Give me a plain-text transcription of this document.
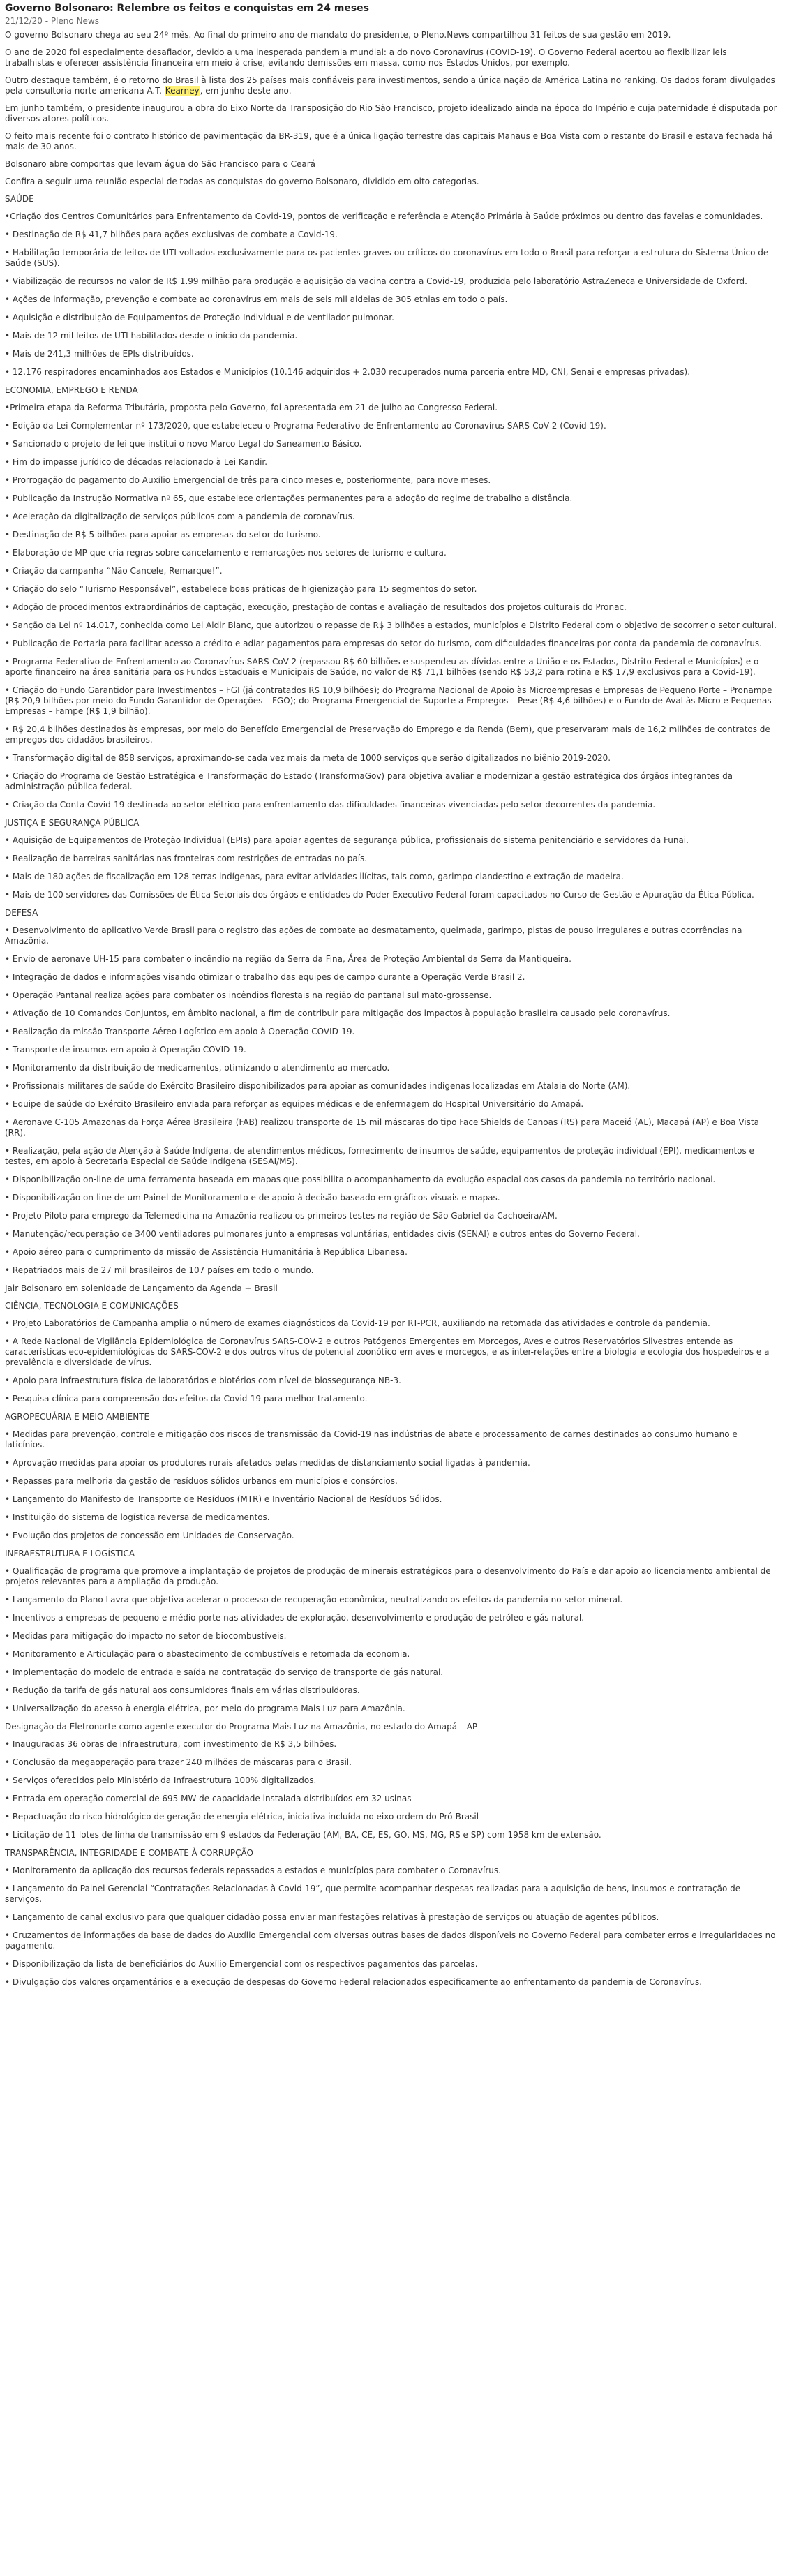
Governo Bolsonaro: Relembre os feitos e conquistas em 24 meses
21/12/20 - Pleno News

O governo Bolsonaro chega ao seu 24º mês. Ao final do primeiro ano de mandato do presidente, o Pleno.News compartilhou 31 feitos de sua gestão em 2019.

O ano de 2020 foi especialmente desafiador, devido a uma inesperada pandemia mundial: a do novo Coronavírus (COVID-19). O Governo Federal acertou ao flexibilizar leis trabalhistas e oferecer assistência financeira em meio à crise, evitando demissões em massa, como nos Estados Unidos, por exemplo.

Outro destaque também, é o retorno do Brasil à lista dos 25 países mais confiáveis para investimentos, sendo a única nação da América Latina no ranking. Os dados foram divulgados pela consultoria norte-americana A.T. Kearney, em junho deste ano.

Em junho também, o presidente inaugurou a obra do Eixo Norte da Transposição do Rio São Francisco, projeto idealizado ainda na época do Império e cuja paternidade é disputada por diversos atores políticos.

O feito mais recente foi o contrato histórico de pavimentação da BR-319, que é a única ligação terrestre das capitais Manaus e Boa Vista com o restante do Brasil e estava fechada há mais de 30 anos.

Bolsonaro abre comportas que levam água do São Francisco para o Ceará

Confira a seguir uma reunião especial de todas as conquistas do governo Bolsonaro, dividido em oito categorias.

SAÚDE

•Criação dos Centros Comunitários para Enfrentamento da Covid-19, pontos de verificação e referência e Atenção Primária à Saúde próximos ou dentro das favelas e comunidades.

• Destinação de R$ 41,7 bilhões para ações exclusivas de combate a Covid-19.

• Habilitação temporária de leitos de UTI voltados exclusivamente para os pacientes graves ou críticos do coronavírus em todo o Brasil para reforçar a estrutura do Sistema Único de Saúde (SUS).

• Viabilização de recursos no valor de R$ 1.99 milhão para produção e aquisição da vacina contra a Covid-19, produzida pelo laboratório AstraZeneca e Universidade de Oxford.

• Ações de informação, prevenção e combate ao coronavírus em mais de seis mil aldeias de 305 etnias em todo o país.

• Aquisição e distribuição de Equipamentos de Proteção Individual e de ventilador pulmonar.

• Mais de 12 mil leitos de UTI habilitados desde o início da pandemia.

• Mais de 241,3 milhões de EPIs distribuídos.

• 12.176 respiradores encaminhados aos Estados e Municípios (10.146 adquiridos + 2.030 recuperados numa parceria entre MD, CNI, Senai e empresas privadas).

ECONOMIA, EMPREGO E RENDA

•Primeira etapa da Reforma Tributária, proposta pelo Governo, foi apresentada em 21 de julho ao Congresso Federal.

• Edição da Lei Complementar nº 173/2020, que estabeleceu o Programa Federativo de Enfrentamento ao Coronavírus SARS-CoV-2 (Covid-19).

• Sancionado o projeto de lei que institui o novo Marco Legal do Saneamento Básico.

• Fim do impasse jurídico de décadas relacionado à Lei Kandir.

• Prorrogação do pagamento do Auxílio Emergencial de três para cinco meses e, posteriormente, para nove meses.

• Publicação da Instrução Normativa nº 65, que estabelece orientações permanentes para a adoção do regime de trabalho a distância.

• Aceleração da digitalização de serviços públicos com a pandemia de coronavírus.

• Destinação de R$ 5 bilhões para apoiar as empresas do setor do turismo.

• Elaboração de MP que cria regras sobre cancelamento e remarcações nos setores de turismo e cultura.

• Criação da campanha “Não Cancele, Remarque!”.

• Criação do selo “Turismo Responsável”, estabelece boas práticas de higienização para 15 segmentos do setor.

• Adoção de procedimentos extraordinários de captação, execução, prestação de contas e avaliação de resultados dos projetos culturais do Pronac.

• Sanção da Lei nº 14.017, conhecida como Lei Aldir Blanc, que autorizou o repasse de R$ 3 bilhões a estados, municípios e Distrito Federal com o objetivo de socorrer o setor cultural.

• Publicação de Portaria para facilitar acesso a crédito e adiar pagamentos para empresas do setor do turismo, com dificuldades financeiras por conta da pandemia de coronavírus.

• Programa Federativo de Enfrentamento ao Coronavírus SARS-CoV-2 (repassou R$ 60 bilhões e suspendeu as dívidas entre a União e os Estados, Distrito Federal e Municípios) e o aporte financeiro na área sanitária para os Fundos Estaduais e Municipais de Saúde, no valor de R$ 71,1 bilhões (sendo R$ 53,2 para rotina e R$ 17,9 exclusivos para a Covid-19).

• Criação do Fundo Garantidor para Investimentos – FGI (já contratados R$ 10,9 bilhões); do Programa Nacional de Apoio às Microempresas e Empresas de Pequeno Porte – Pronampe (R$ 20,9 bilhões por meio do Fundo Garantidor de Operações – FGO); do Programa Emergencial de Suporte a Empregos – Pese (R$ 4,6 bilhões) e o Fundo de Aval às Micro e Pequenas Empresas – Fampe (R$ 1,9 bilhão).

• R$ 20,4 bilhões destinados às empresas, por meio do Benefício Emergencial de Preservação do Emprego e da Renda (Bem), que preservaram mais de 16,2 milhões de contratos de empregos dos cidadãos brasileiros.

• Transformação digital de 858 serviços, aproximando-se cada vez mais da meta de 1000 serviços que serão digitalizados no biênio 2019-2020.

• Criação do Programa de Gestão Estratégica e Transformação do Estado (TransformaGov) para objetiva avaliar e modernizar a gestão estratégica dos órgãos integrantes da administração pública federal.

• Criação da Conta Covid-19 destinada ao setor elétrico para enfrentamento das dificuldades financeiras vivenciadas pelo setor decorrentes da pandemia.

JUSTIÇA E SEGURANÇA PÚBLICA

• Aquisição de Equipamentos de Proteção Individual (EPIs) para apoiar agentes de segurança pública, profissionais do sistema penitenciário e servidores da Funai.

• Realização de barreiras sanitárias nas fronteiras com restrições de entradas no país.

• Mais de 180 ações de fiscalização em 128 terras indígenas, para evitar atividades ilícitas, tais como, garimpo clandestino e extração de madeira.

• Mais de 100 servidores das Comissões de Ética Setoriais dos órgãos e entidades do Poder Executivo Federal foram capacitados no Curso de Gestão e Apuração da Ética Pública.

DEFESA

• Desenvolvimento do aplicativo Verde Brasil para o registro das ações de combate ao desmatamento, queimada, garimpo, pistas de pouso irregulares e outras ocorrências na Amazônia.

• Envio de aeronave UH-15 para combater o incêndio na região da Serra da Fina, Área de Proteção Ambiental da Serra da Mantiqueira.

• Integração de dados e informações visando otimizar o trabalho das equipes de campo durante a Operação Verde Brasil 2.

• Operação Pantanal realiza ações para combater os incêndios florestais na região do pantanal sul mato-grossense.

• Ativação de 10 Comandos Conjuntos, em âmbito nacional, a fim de contribuir para mitigação dos impactos à população brasileira causado pelo coronavírus.

• Realização da missão Transporte Aéreo Logístico em apoio à Operação COVID-19.

• Transporte de insumos em apoio à Operação COVID-19.

• Monitoramento da distribuição de medicamentos, otimizando o atendimento ao mercado.

• Profissionais militares de saúde do Exército Brasileiro disponibilizados para apoiar as comunidades indígenas localizadas em Atalaia do Norte (AM).

• Equipe de saúde do Exército Brasileiro enviada para reforçar as equipes médicas e de enfermagem do Hospital Universitário do Amapá.

• Aeronave C-105 Amazonas da Força Aérea Brasileira (FAB) realizou transporte de 15 mil máscaras do tipo Face Shields de Canoas (RS) para Maceió (AL), Macapá (AP) e Boa Vista (RR).

• Realização, pela ação de Atenção à Saúde Indígena, de atendimentos médicos, fornecimento de insumos de saúde, equipamentos de proteção individual (EPI), medicamentos e testes, em apoio à Secretaria Especial de Saúde Indígena (SESAI/MS).

• Disponibilização on-line de uma ferramenta baseada em mapas que possibilita o acompanhamento da evolução espacial dos casos da pandemia no território nacional.

• Disponibilização on-line de um Painel de Monitoramento e de apoio à decisão baseado em gráficos visuais e mapas.

• Projeto Piloto para emprego da Telemedicina na Amazônia realizou os primeiros testes na região de São Gabriel da Cachoeira/AM.

• Manutenção/recuperação de 3400 ventiladores pulmonares junto a empresas voluntárias, entidades civis (SENAI) e outros entes do Governo Federal.

• Apoio aéreo para o cumprimento da missão de Assistência Humanitária à República Libanesa.

• Repatriados mais de 27 mil brasileiros de 107 países em todo o mundo.

Jair Bolsonaro em solenidade de Lançamento da Agenda + Brasil

CIÊNCIA, TECNOLOGIA E COMUNICAÇÕES

• Projeto Laboratórios de Campanha amplia o número de exames diagnósticos da Covid-19 por RT-PCR, auxiliando na retomada das atividades e controle da pandemia.

• A Rede Nacional de Vigilância Epidemiológica de Coronavírus SARS-COV-2 e outros Patógenos Emergentes em Morcegos, Aves e outros Reservatórios Silvestres entende as características eco-epidemiológicas do SARS-COV-2 e dos outros vírus de potencial zoonótico em aves e morcegos, e as inter-relações entre a biologia e ecologia dos hospedeiros e a prevalência e diversidade de vírus.

• Apoio para infraestrutura física de laboratórios e biotérios com nível de biossegurança NB-3.

• Pesquisa clínica para compreensão dos efeitos da Covid-19 para melhor tratamento.

AGROPECUÁRIA E MEIO AMBIENTE

• Medidas para prevenção, controle e mitigação dos riscos de transmissão da Covid-19 nas indústrias de abate e processamento de carnes destinados ao consumo humano e laticínios.

• Aprovação medidas para apoiar os produtores rurais afetados pelas medidas de distanciamento social ligadas à pandemia.

• Repasses para melhoria da gestão de resíduos sólidos urbanos em municípios e consórcios.

• Lançamento do Manifesto de Transporte de Resíduos (MTR) e Inventário Nacional de Resíduos Sólidos.

• Instituição do sistema de logística reversa de medicamentos.

• Evolução dos projetos de concessão em Unidades de Conservação.

INFRAESTRUTURA E LOGÍSTICA

• Qualificação de programa que promove a implantação de projetos de produção de minerais estratégicos para o desenvolvimento do País e dar apoio ao licenciamento ambiental de projetos relevantes para a ampliação da produção.

• Lançamento do Plano Lavra que objetiva acelerar o processo de recuperação econômica, neutralizando os efeitos da pandemia no setor mineral.

• Incentivos a empresas de pequeno e médio porte nas atividades de exploração, desenvolvimento e produção de petróleo e gás natural.

• Medidas para mitigação do impacto no setor de biocombustíveis.

• Monitoramento e Articulação para o abastecimento de combustíveis e retomada da economia.

• Implementação do modelo de entrada e saída na contratação do serviço de transporte de gás natural.

• Redução da tarifa de gás natural aos consumidores finais em várias distribuidoras.

• Universalização do acesso à energia elétrica, por meio do programa Mais Luz para Amazônia.

Designação da Eletronorte como agente executor do Programa Mais Luz na Amazônia, no estado do Amapá – AP

• Inauguradas 36 obras de infraestrutura, com investimento de R$ 3,5 bilhões.

• Conclusão da megaoperação para trazer 240 milhões de máscaras para o Brasil.

• Serviços oferecidos pelo Ministério da Infraestrutura 100% digitalizados.

• Entrada em operação comercial de 695 MW de capacidade instalada distribuídos em 32 usinas

• Repactuação do risco hidrológico de geração de energia elétrica, iniciativa incluída no eixo ordem do Pró-Brasil

• Licitação de 11 lotes de linha de transmissão em 9 estados da Federação (AM, BA, CE, ES, GO, MS, MG, RS e SP) com 1958 km de extensão.

TRANSPARÊNCIA, INTEGRIDADE E COMBATE À CORRUPÇÃO

• Monitoramento da aplicação dos recursos federais repassados a estados e municípios para combater o Coronavírus.

• Lançamento do Painel Gerencial “Contratações Relacionadas à Covid-19”, que permite acompanhar despesas realizadas para a aquisição de bens, insumos e contratação de serviços.

• Lançamento de canal exclusivo para que qualquer cidadão possa enviar manifestações relativas à prestação de serviços ou atuação de agentes públicos.

• Cruzamentos de informações da base de dados do Auxílio Emergencial com diversas outras bases de dados disponíveis no Governo Federal para combater erros e irregularidades no pagamento.

• Disponibilização da lista de beneficiários do Auxílio Emergencial com os respectivos pagamentos das parcelas.

• Divulgação dos valores orçamentários e a execução de despesas do Governo Federal relacionados especificamente ao enfrentamento da pandemia de Coronavírus.
